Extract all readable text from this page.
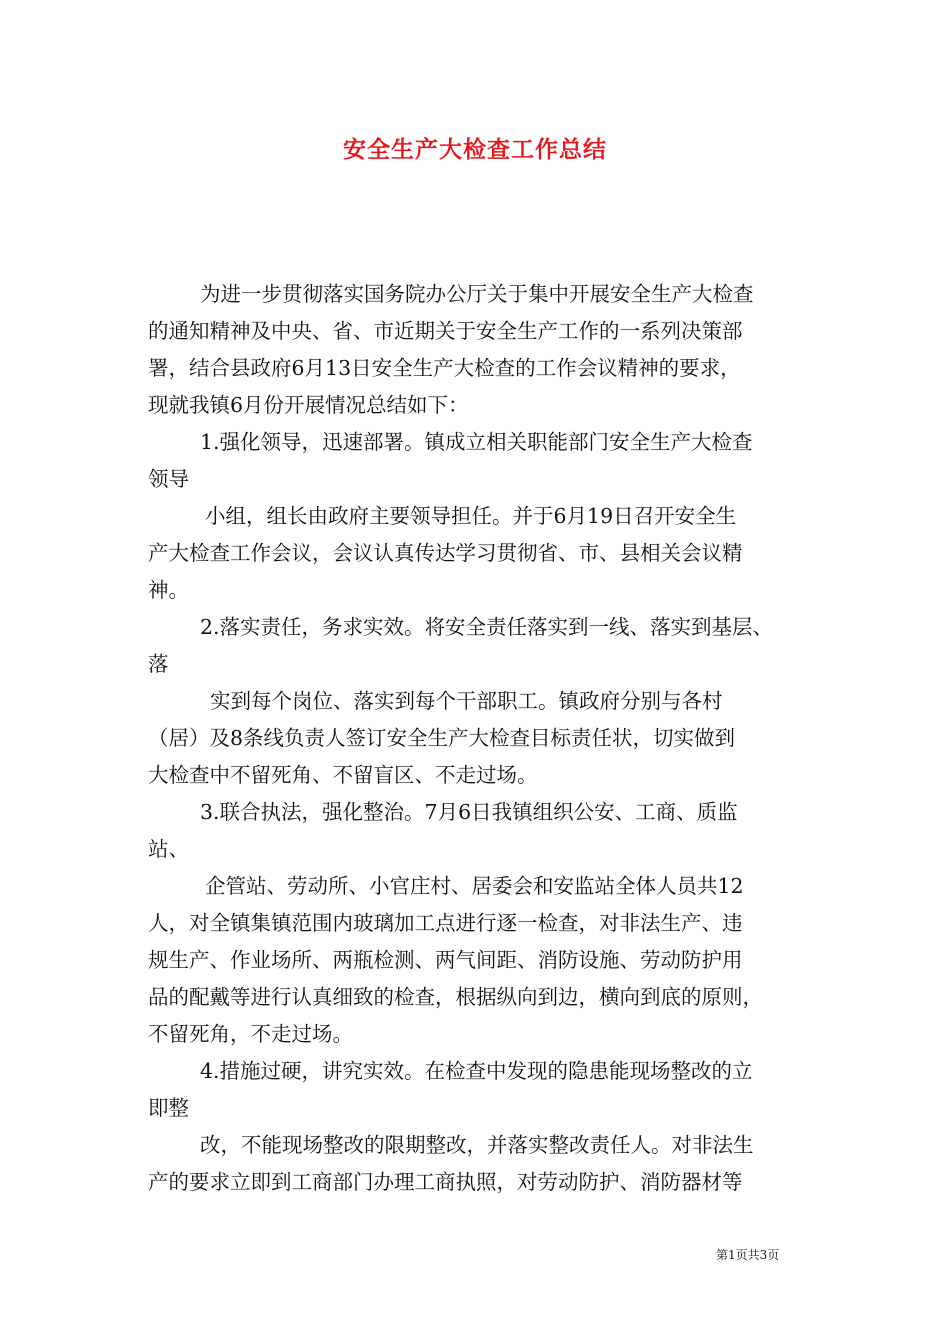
安全生产大检查工作总结
为进一步贯彻落实国务院办公厅关于集中开展安全生产大检查
的通知精神及中央、省、市近期关于安全生产工作的一系列决策部
署，结合县政府6月13日安全生产大检查的工作会议精神的要求，
现就我镇6月份开展情况总结如下：
1.强化领导，迅速部署。镇成立相关职能部门安全生产大检查
领导
小组，组长由政府主要领导担任。并于6月19日召开安全生
产大检查工作会议，会议认真传达学习贯彻省、市、县相关会议精
神。
2.落实责任，务求实效。将安全责任落实到一线、落实到基层、
落
实到每个岗位、落实到每个干部职工。镇政府分别与各村
（居）及8条线负责人签订安全生产大检查目标责任状，切实做到
大检查中不留死角、不留盲区、不走过场。
3.联合执法，强化整治。7月6日我镇组织公安、工商、质监
站、
企管站、劳动所、小官庄村、居委会和安监站全体人员共12
人，对全镇集镇范围内玻璃加工点进行逐一检查，对非法生产、违
规生产、作业场所、两瓶检测、两气间距、消防设施、劳动防护用
品的配戴等进行认真细致的检查，根据纵向到边，横向到底的原则，
不留死角，不走过场。
4.措施过硬，讲究实效。在检查中发现的隐患能现场整改的立
即整
改，不能现场整改的限期整改，并落实整改责任人。对非法生
产的要求立即到工商部门办理工商执照，对劳动防护、消防器材等
第1页共3页
